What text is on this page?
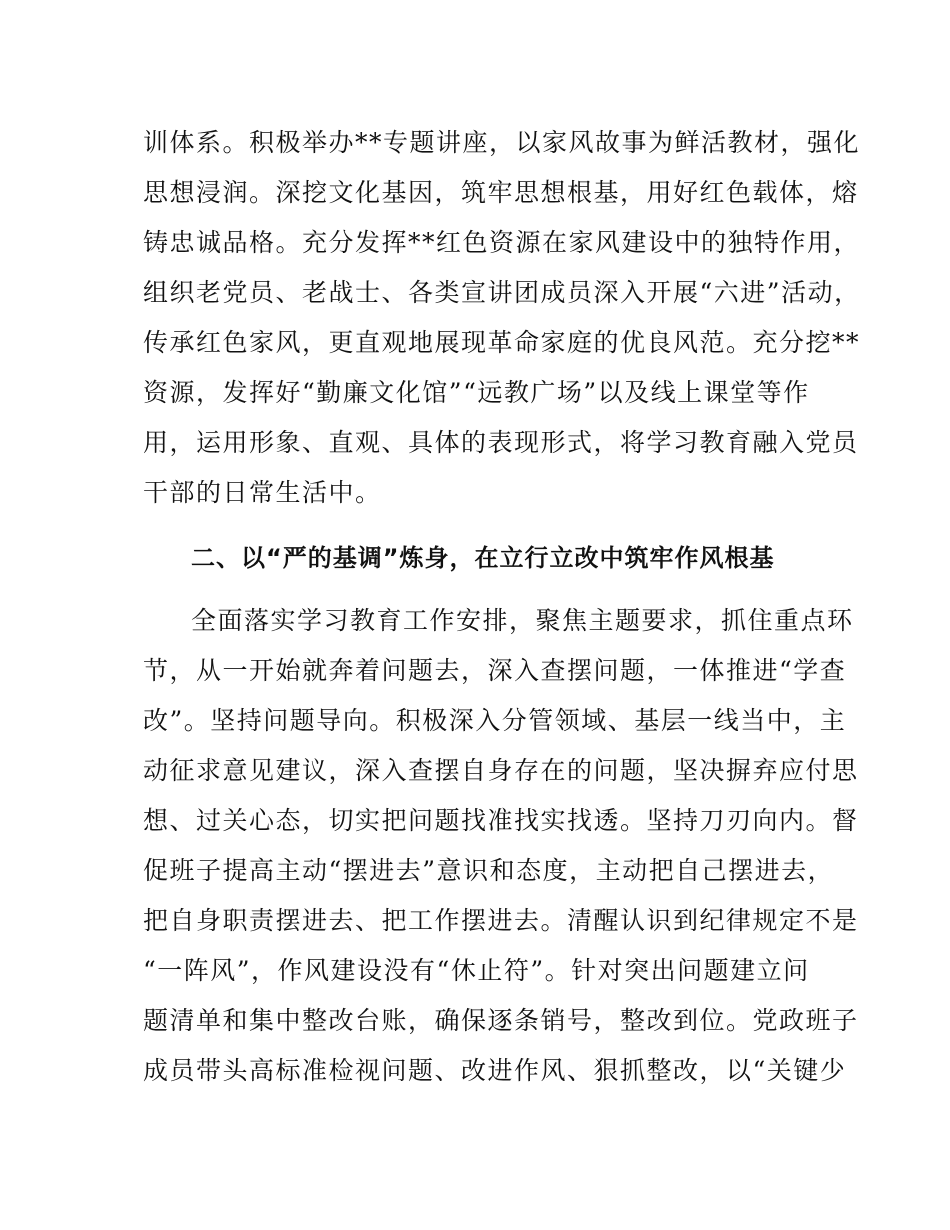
训体系。积极举办**专题讲座，以家风故事为鲜活教材，强化
思想浸润。深挖文化基因，筑牢思想根基，用好红色载体，熔
铸忠诚品格。充分发挥**红色资源在家风建设中的独特作用，
组织老党员、老战士、各类宣讲团成员深入开展“六进”活动，
传承红色家风，更直观地展现革命家庭的优良风范。充分挖**
资源，发挥好“勤廉文化馆”“远教广场”以及线上课堂等作
用，运用形象、直观、具体的表现形式，将学习教育融入党员
干部的日常生活中。
二、以“严的基调”炼身，在立行立改中筑牢作风根基
全面落实学习教育工作安排，聚焦主题要求，抓住重点环
节，从一开始就奔着问题去，深入查摆问题，一体推进“学查
改”。坚持问题导向。积极深入分管领域、基层一线当中，主
动征求意见建议，深入查摆自身存在的问题，坚决摒弃应付思
想、过关心态，切实把问题找准找实找透。坚持刀刃向内。督
促班子提高主动“摆进去”意识和态度，主动把自己摆进去，
把自身职责摆进去、把工作摆进去。清醒认识到纪律规定不是
“一阵风”，作风建设没有“休止符”。针对突出问题建立问
题清单和集中整改台账，确保逐条销号，整改到位。党政班子
成员带头高标准检视问题、改进作风、狠抓整改，以“关键少
